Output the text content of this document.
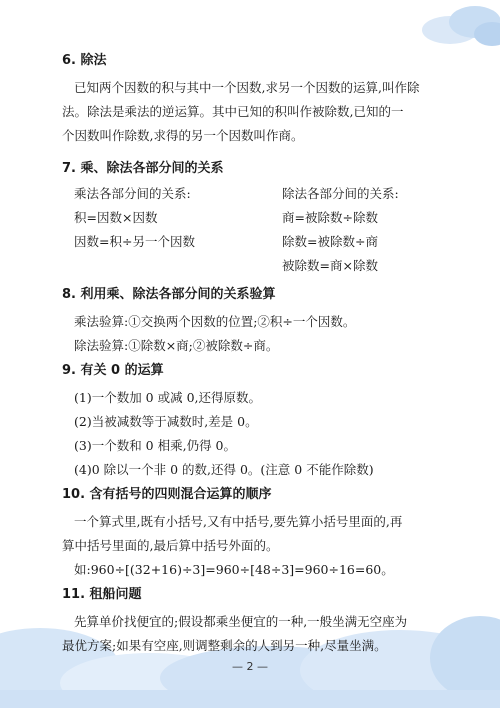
6. 除法
已知两个因数的积与其中一个因数,求另一个因数的运算,叫作除
法。除法是乘法的逆运算。其中已知的积叫作被除数,已知的一
个因数叫作除数,求得的另一个因数叫作商。
7. 乘、除法各部分间的关系
乘法各部分间的关系:
积=因数×因数
因数=积÷另一个因数
除法各部分间的关系:
商=被除数÷除数
除数=被除数÷商
被除数=商×除数
8. 利用乘、除法各部分间的关系验算
乘法验算:①交换两个因数的位置;②积÷一个因数。
除法验算:①除数×商;②被除数÷商。
9. 有关 0 的运算
(1)一个数加 0 或减 0,还得原数。
(2)当被减数等于减数时,差是 0。
(3)一个数和 0 相乘,仍得 0。
(4)0 除以一个非 0 的数,还得 0。(注意 0 不能作除数)
10. 含有括号的四则混合运算的顺序
一个算式里,既有小括号,又有中括号,要先算小括号里面的,再
算中括号里面的,最后算中括号外面的。
如:960÷[(32+16)÷3]=960÷[48÷3]=960÷16=60。
11. 租船问题
先算单价找便宜的;假设都乘坐便宜的一种,一般坐满无空座为
最优方案;如果有空座,则调整剩余的人到另一种,尽量坐满。
— 2 —
